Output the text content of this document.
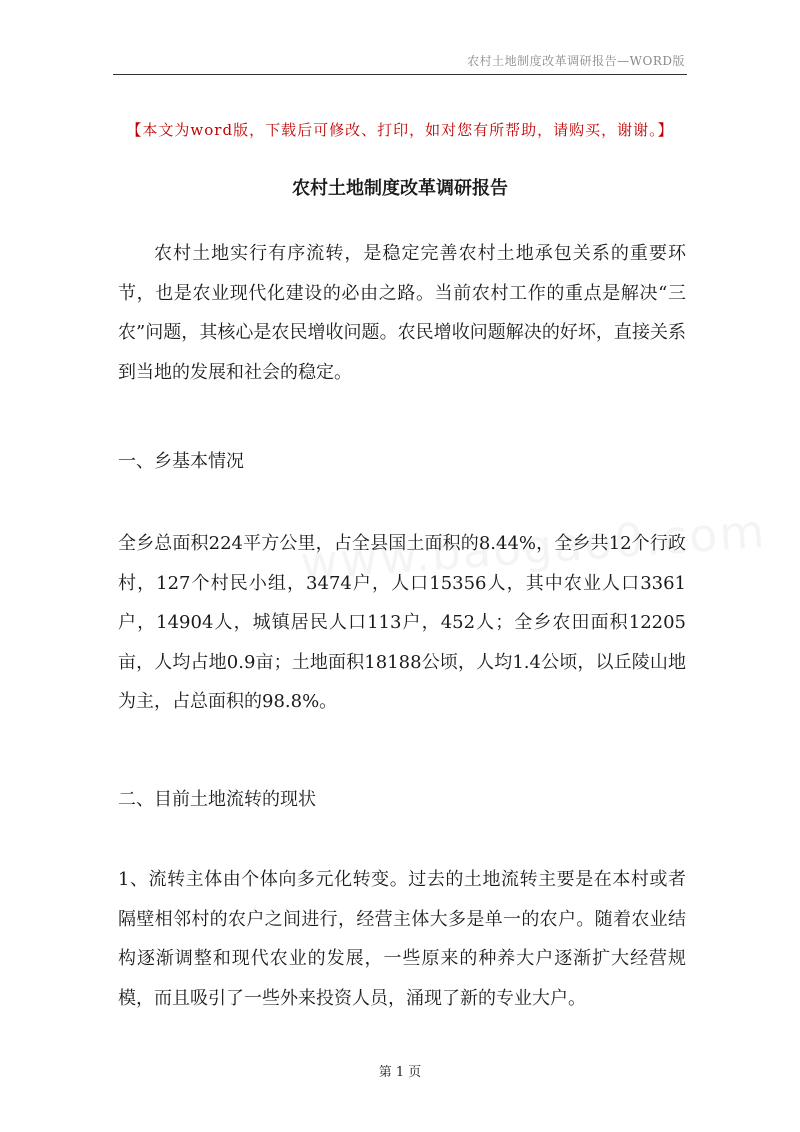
农村土地制度改革调研报告—WORD版
【本文为word版，下载后可修改、打印，如对您有所帮助，请购买，谢谢。】
农村土地制度改革调研报告

农村土地实行有序流转，是稳定完善农村土地承包关系的重要环节，也是农业现代化建设的必由之路。当前农村工作的重点是解决“三农”问题，其核心是农民增收问题。农民增收问题解决的好坏，直接关系到当地的发展和社会的稳定。

一、乡基本情况

全乡总面积224平方公里，占全县国土面积的8.44%，全乡共12个行政村，127个村民小组，3474户，人口15356人，其中农业人口3361户，14904人，城镇居民人口113户，452人；全乡农田面积12205亩，人均占地0.9亩；土地面积18188公顷，人均1.4公顷，以丘陵山地为主，占总面积的98.8%。

二、目前土地流转的现状

1、流转主体由个体向多元化转变。过去的土地流转主要是在本村或者隔壁相邻村的农户之间进行，经营主体大多是单一的农户。随着农业结构逐渐调整和现代农业的发展，一些原来的种养大户逐渐扩大经营规模，而且吸引了一些外来投资人员，涌现了新的专业大户。

第 1 页
